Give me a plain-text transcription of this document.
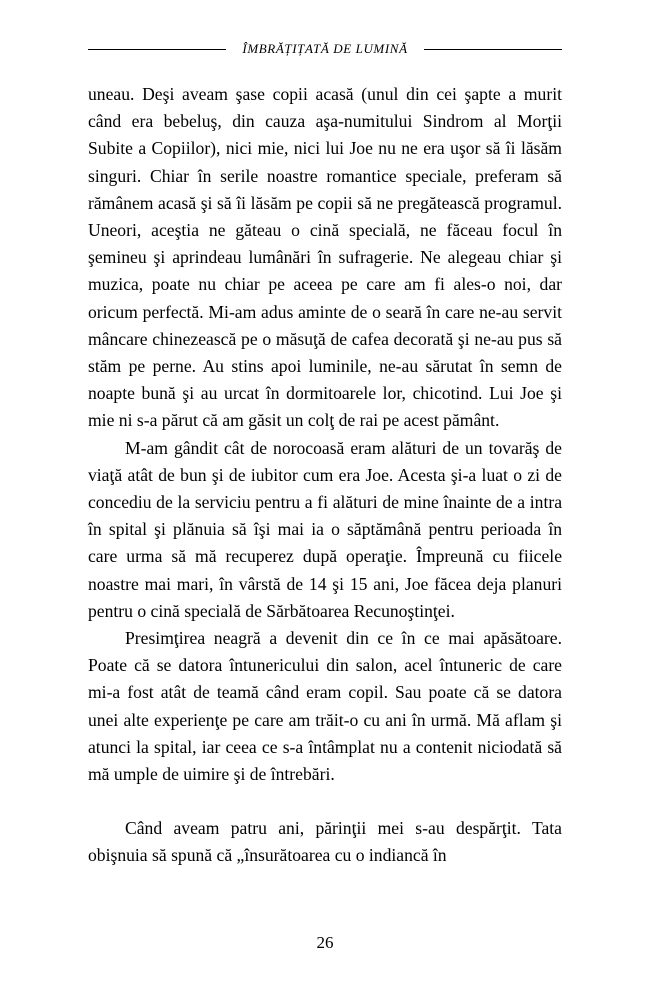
ÎMBRĂȚIȚATĂ DE LUMINĂ

uneau. Deşi aveam şase copii acasă (unul din cei şapte a murit când era bebeluş, din cauza aşa-numitului Sindrom al Morţii Subite a Copiilor), nici mie, nici lui Joe nu ne era uşor să îi lăsăm singuri. Chiar în serile noastre romantice speciale, preferam să rămânem acasă şi să îi lăsăm pe copii să ne pregătească programul. Uneori, aceştia ne găteau o cină specială, ne făceau focul în şemineu şi aprindeau lumânări în sufragerie. Ne alegeau chiar şi muzica, poate nu chiar pe aceea pe care am fi ales-o noi, dar oricum perfectă. Mi-am adus aminte de o seară în care ne-au servit mâncare chinezească pe o măsuţă de cafea decorată şi ne-au pus să stăm pe perne. Au stins apoi luminile, ne-au sărutat în semn de noapte bună şi au urcat în dormitoarele lor, chicotind. Lui Joe şi mie ni s-a părut că am găsit un colţ de rai pe acest pământ.

M-am gândit cât de norocoasă eram alături de un tovarăş de viaţă atât de bun şi de iubitor cum era Joe. Acesta şi-a luat o zi de concediu de la serviciu pentru a fi alături de mine înainte de a intra în spital şi plănuia să îşi mai ia o săptămână pentru perioada în care urma să mă recuperez după operaţie. Împreună cu fiicele noastre mai mari, în vârstă de 14 şi 15 ani, Joe făcea deja planuri pentru o cină specială de Sărbătoarea Recunoştinţei.

Presimţirea neagră a devenit din ce în ce mai apăsătoare. Poate că se datora întunericului din salon, acel întuneric de care mi-a fost atât de teamă când eram copil. Sau poate că se datora unei alte experienţe pe care am trăit-o cu ani în urmă. Mă aflam şi atunci la spital, iar ceea ce s-a întâmplat nu a contenit niciodată să mă umple de uimire şi de întrebări.

Când aveam patru ani, părinţii mei s-au despărţit. Tata obişnuia să spună că „însurătoarea cu o indiancă în

26
